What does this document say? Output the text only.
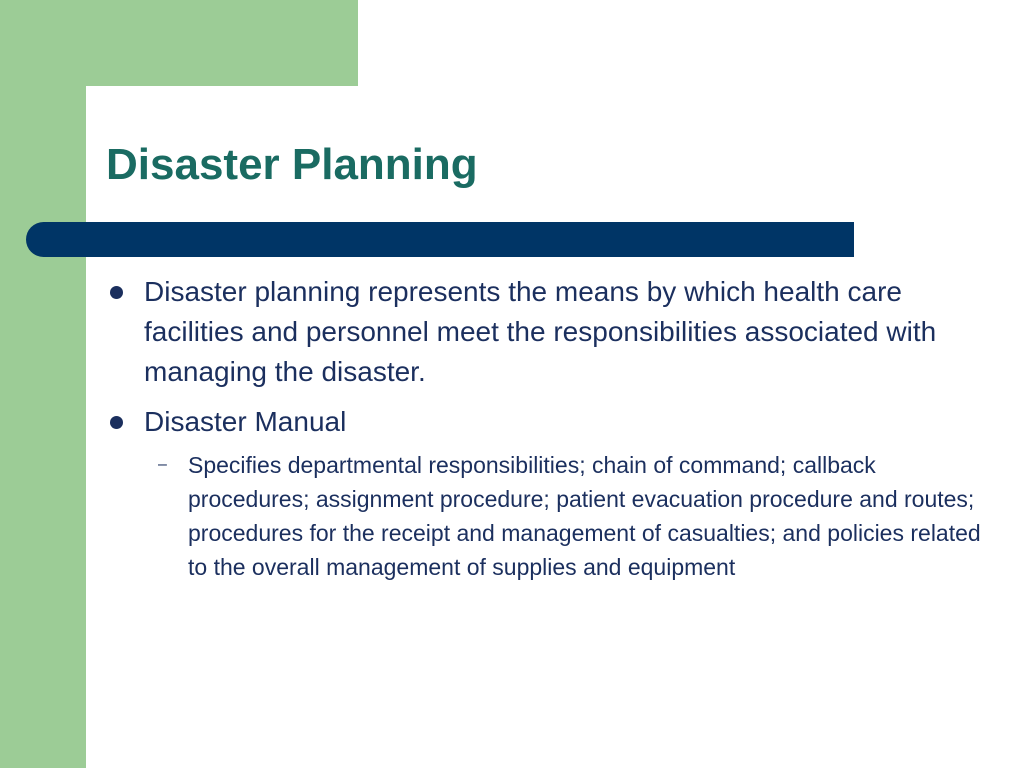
Disaster Planning
Disaster planning represents the means by which health care facilities and personnel meet the responsibilities associated with managing the disaster.
Disaster Manual
– Specifies departmental responsibilities; chain of command; callback procedures; assignment procedure; patient evacuation procedure and routes; procedures for the receipt and management of casualties; and policies related to the overall management of supplies and equipment
